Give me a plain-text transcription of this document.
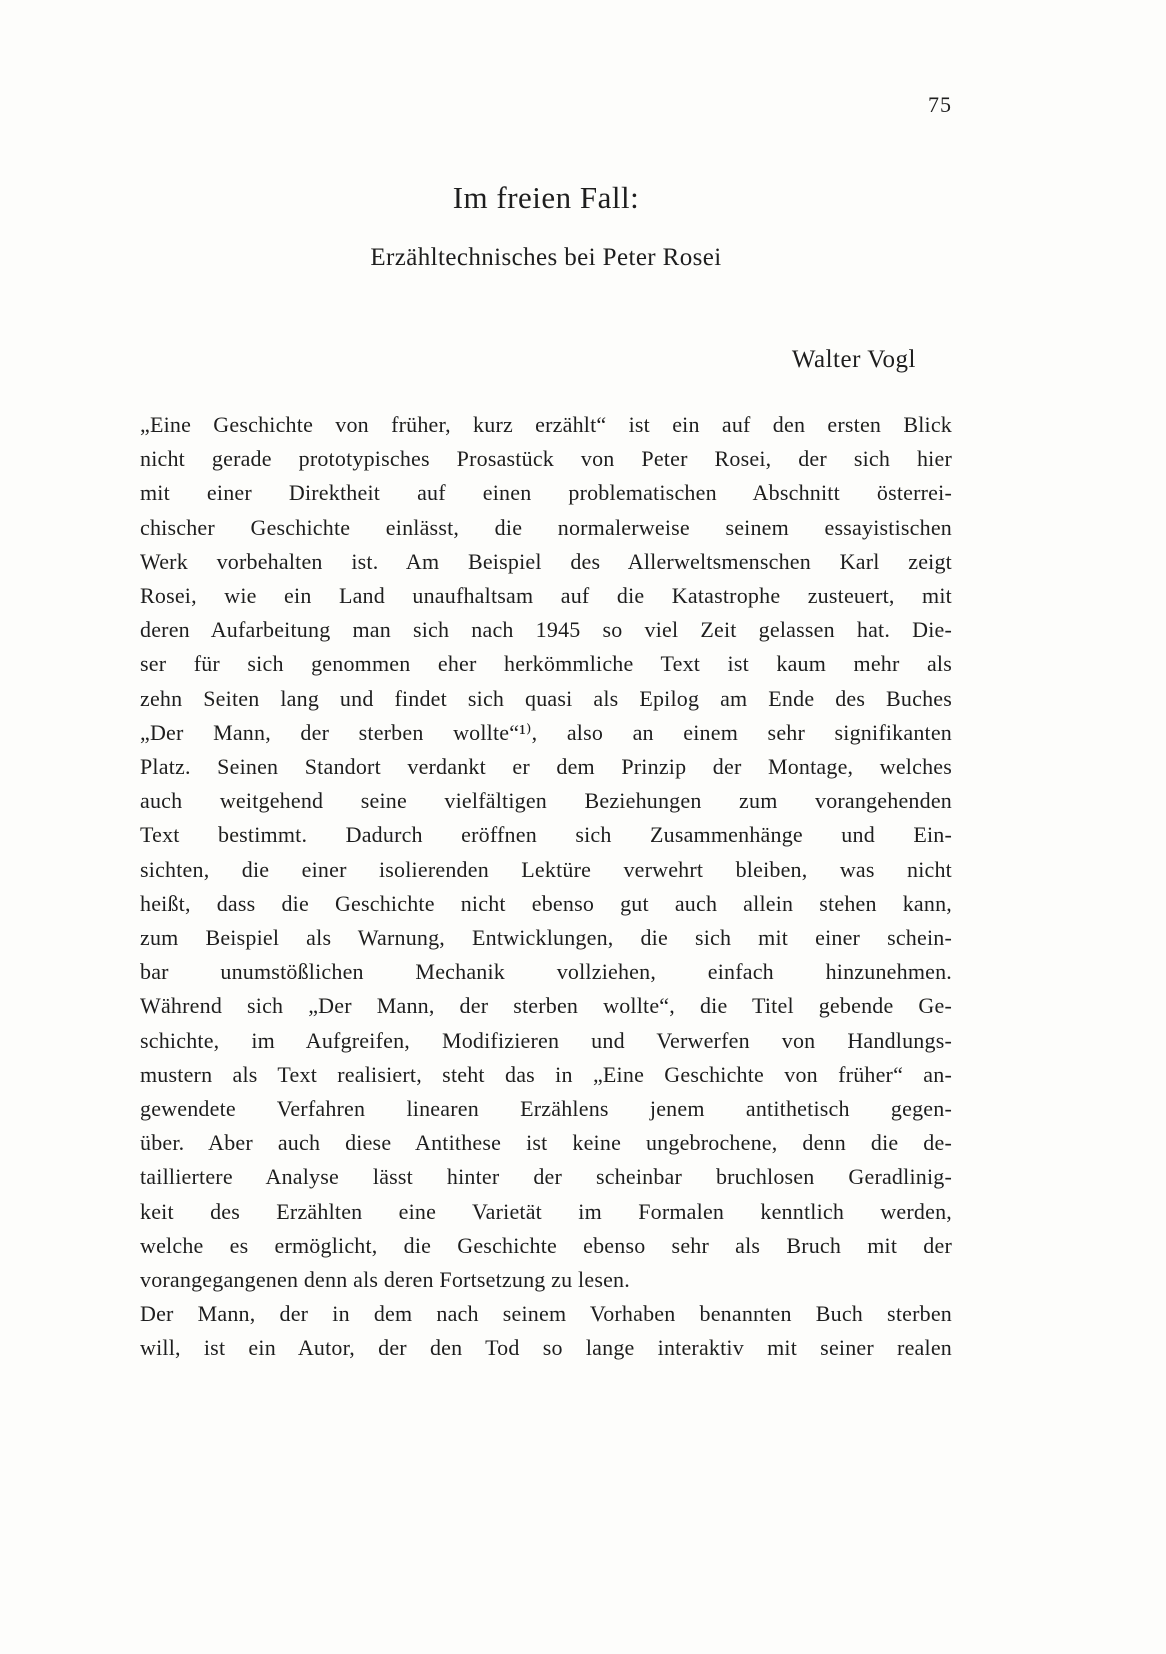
75
Im freien Fall:
Erzähltechnisches bei Peter Rosei
Walter Vogl
„Eine Geschichte von früher, kurz erzählt“ ist ein auf den ersten Blick
nicht gerade prototypisches Prosastück von Peter Rosei, der sich hier
mit einer Direktheit auf einen problematischen Abschnitt österrei-
chischer Geschichte einlässt, die normalerweise seinem essayistischen
Werk vorbehalten ist. Am Beispiel des Allerweltsmenschen Karl zeigt
Rosei, wie ein Land unaufhaltsam auf die Katastrophe zusteuert, mit
deren Aufarbeitung man sich nach 1945 so viel Zeit gelassen hat. Die-
ser für sich genommen eher herkömmliche Text ist kaum mehr als
zehn Seiten lang und findet sich quasi als Epilog am Ende des Buches
„Der Mann, der sterben wollte“¹⁾, also an einem sehr signifikanten
Platz. Seinen Standort verdankt er dem Prinzip der Montage, welches
auch weitgehend seine vielfältigen Beziehungen zum vorangehenden
Text bestimmt. Dadurch eröffnen sich Zusammenhänge und Ein-
sichten, die einer isolierenden Lektüre verwehrt bleiben, was nicht
heißt, dass die Geschichte nicht ebenso gut auch allein stehen kann,
zum Beispiel als Warnung, Entwicklungen, die sich mit einer schein-
bar unumstößlichen Mechanik vollziehen, einfach hinzunehmen.
Während sich „Der Mann, der sterben wollte“, die Titel gebende Ge-
schichte, im Aufgreifen, Modifizieren und Verwerfen von Handlungs-
mustern als Text realisiert, steht das in „Eine Geschichte von früher“ an-
gewendete Verfahren linearen Erzählens jenem antithetisch gegen-
über. Aber auch diese Antithese ist keine ungebrochene, denn die de-
tailliertere Analyse lässt hinter der scheinbar bruchlosen Geradlinig-
keit des Erzählten eine Varietät im Formalen kenntlich werden,
welche es ermöglicht, die Geschichte ebenso sehr als Bruch mit der
vorangegangenen denn als deren Fortsetzung zu lesen.
Der Mann, der in dem nach seinem Vorhaben benannten Buch sterben
will, ist ein Autor, der den Tod so lange interaktiv mit seiner realen
